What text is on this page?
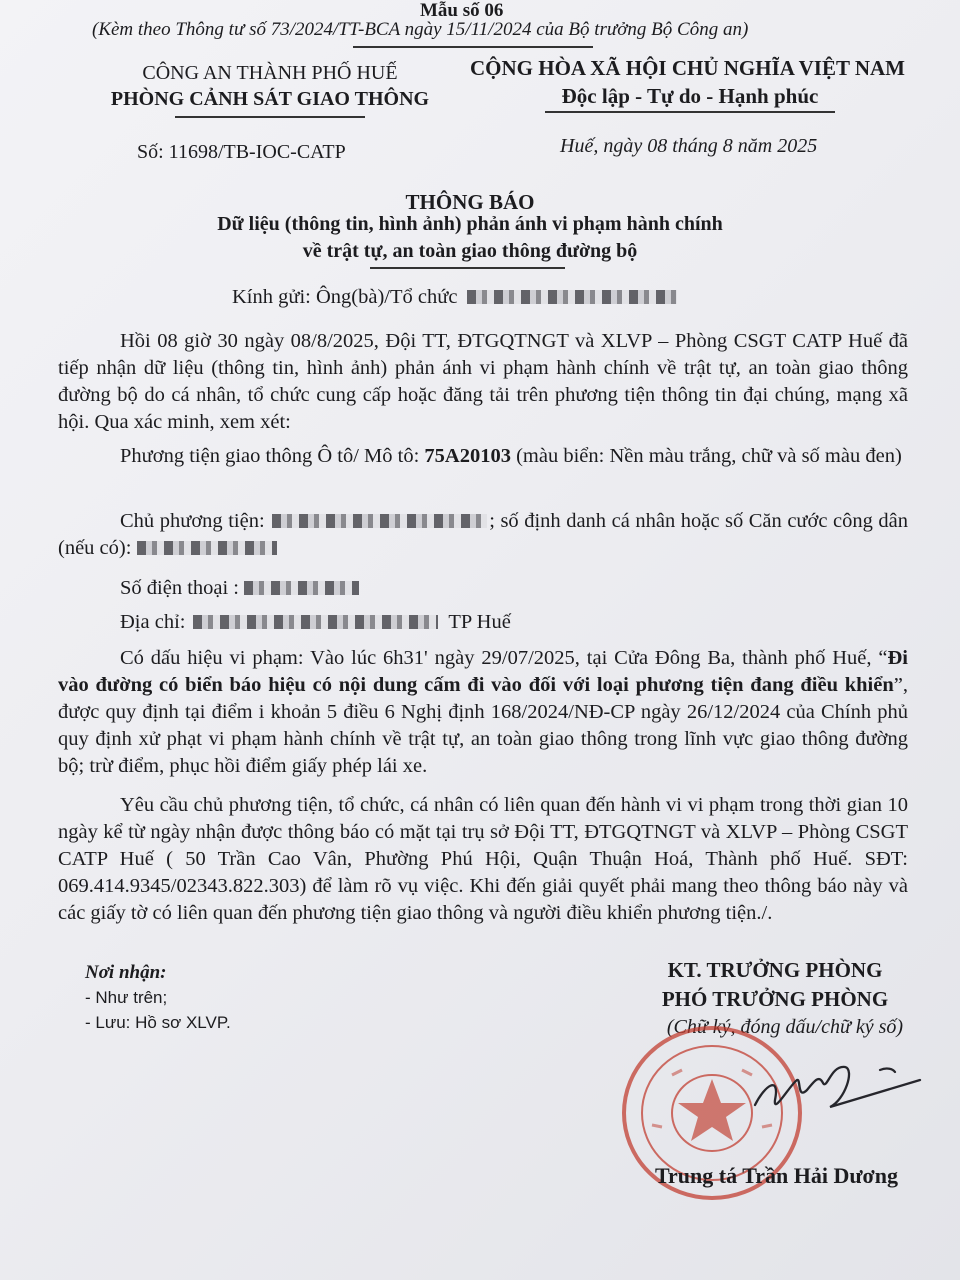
Mẫu số 06
(Kèm theo Thông tư số 73/2024/TT-BCA ngày 15/11/2024 của Bộ trưởng Bộ Công an)
CÔNG AN THÀNH PHỐ HUẾ
PHÒNG CẢNH SÁT GIAO THÔNG
CỘNG HÒA XÃ HỘI CHỦ NGHĨA VIỆT NAM
Độc lập - Tự do - Hạnh phúc
Số: 11698/TB-IOC-CATP	Huế, ngày 08 tháng 8 năm 2025
THÔNG BÁO
Dữ liệu (thông tin, hình ảnh) phản ánh vi phạm hành chính
về trật tự, an toàn giao thông đường bộ
Kính gửi: Ông(bà)/Tổ chức
Hồi 08 giờ 30 ngày 08/8/2025, Đội TT, ĐTGQTNGT và XLVP – Phòng CSGT CATP Huế đã tiếp nhận dữ liệu (thông tin, hình ảnh) phản ánh vi phạm hành chính về trật tự, an toàn giao thông đường bộ do cá nhân, tổ chức cung cấp hoặc đăng tải trên phương tiện thông tin đại chúng, mạng xã hội. Qua xác minh, xem xét:
Phương tiện giao thông Ô tô/ Mô tô: 75A20103 (màu biển: Nền màu trắng, chữ và số màu đen)
Chủ phương tiện:	; số định danh cá nhân hoặc số Căn cước công dân (nếu có):
Số điện thoại :
Địa chỉ:	TP Huế
Có dấu hiệu vi phạm: Vào lúc 6h31' ngày 29/07/2025, tại Cửa Đông Ba, thành phố Huế, “Đi vào đường có biển báo hiệu có nội dung cấm đi vào đối với loại phương tiện đang điều khiển”, được quy định tại điểm i khoản 5 điều 6 Nghị định 168/2024/NĐ-CP ngày 26/12/2024 của Chính phủ quy định xử phạt vi phạm hành chính về trật tự, an toàn giao thông trong lĩnh vực giao thông đường bộ; trừ điểm, phục hồi điểm giấy phép lái xe.
Yêu cầu chủ phương tiện, tổ chức, cá nhân có liên quan đến hành vi vi phạm trong thời gian 10 ngày kể từ ngày nhận được thông báo có mặt tại trụ sở Đội TT, ĐTGQTNGT và XLVP – Phòng CSGT CATP Huế ( 50 Trần Cao Vân, Phường Phú Hội, Quận Thuận Hoá, Thành phố Huế. SĐT: 069.414.9345/02343.822.303) để làm rõ vụ việc. Khi đến giải quyết phải mang theo thông báo này và các giấy tờ có liên quan đến phương tiện giao thông và người điều khiển phương tiện./.
Nơi nhận:
- Như trên;
- Lưu: Hồ sơ XLVP.
KT. TRƯỞNG PHÒNG
PHÓ TRƯỞNG PHÒNG
(Chữ ký, đóng dấu/chữ ký số)
Trung tá Trần Hải Dương
